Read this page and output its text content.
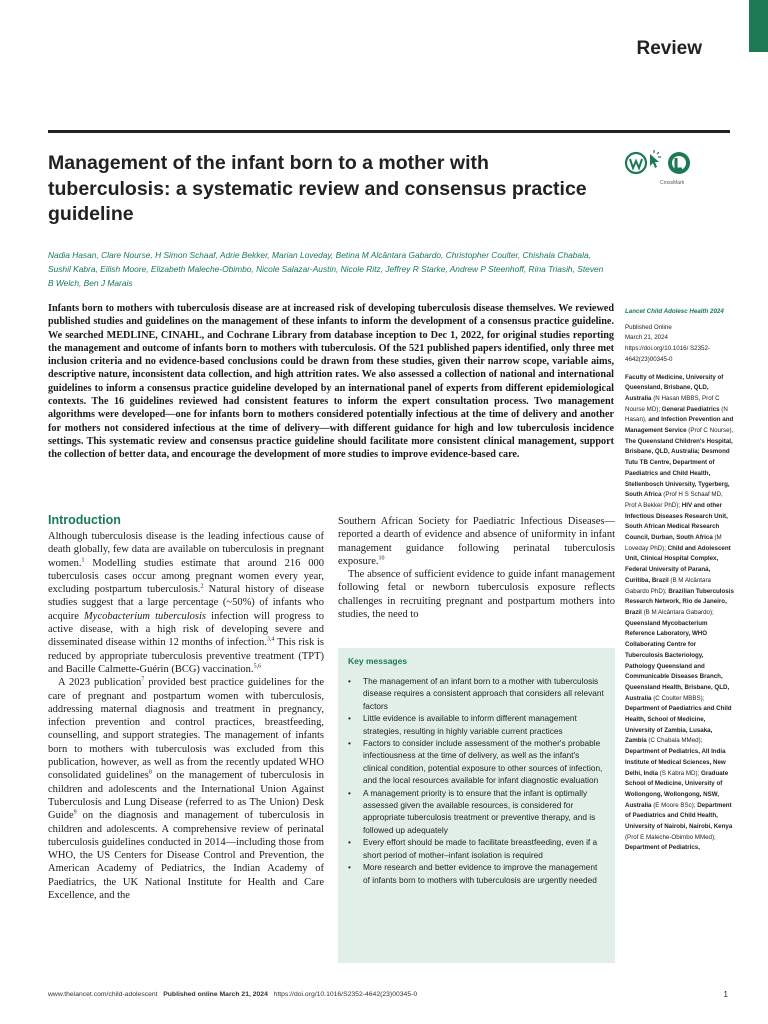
Review
Management of the infant born to a mother with tuberculosis: a systematic review and consensus practice guideline
CrossMark
Nadia Hasan, Clare Nourse, H Simon Schaaf, Adrie Bekker, Marian Loveday, Betina M Alcântara Gabardo, Christopher Coulter, Chishala Chabala, Sushil Kabra, Eilish Moore, Elizabeth Maleche-Obimbo, Nicole Salazar-Austin, Nicole Ritz, Jeffrey R Starke, Andrew P Steenhoff, Rina Triasih, Steven B Welch, Ben J Marais
Infants born to mothers with tuberculosis disease are at increased risk of developing tuberculosis disease themselves. We reviewed published studies and guidelines on the management of these infants to inform the development of a consensus practice guideline. We searched MEDLINE, CINAHL, and Cochrane Library from database inception to Dec 1, 2022, for original studies reporting the management and outcome of infants born to mothers with tuberculosis. Of the 521 published papers identified, only three met inclusion criteria and no evidence-based conclusions could be drawn from these studies, given their narrow scope, variable aims, descriptive nature, inconsistent data collection, and high attrition rates. We also assessed a collection of national and international guidelines to inform a consensus practice guideline developed by an international panel of experts from different epidemiological contexts. The 16 guidelines reviewed had consistent features to inform the expert consultation process. Two management algorithms were developed—one for infants born to mothers considered potentially infectious at the time of delivery and another for mothers not considered infectious at the time of delivery—with different guidance for high and low tuberculosis incidence settings. This systematic review and consensus practice guideline should facilitate more consistent clinical management, support the collection of better data, and encourage the development of more studies to improve evidence-based care.
Lancet Child Adolesc Health 2024
Published Online
March 21, 2024
https://doi.org/10.1016/ S2352-4642(23)00345-0
Faculty of Medicine, University of Queensland, Brisbane, QLD, Australia (N Hasan MBBS, Prof C Nourse MD); General Paediatrics (N Hasan), and Infection Prevention and Management Service (Prof C Nourse), The Queensland Children's Hospital, Brisbane, QLD, Australia; Desmond Tutu TB Centre, Department of Paediatrics and Child Health, Stellenbosch University, Tygerberg, South Africa (Prof H S Schaaf MD, Prof A Bekker PhD); HIV and other Infectious Diseases Research Unit, South African Medical Research Council, Durban, South Africa (M Loveday PhD); Child and Adolescent Unit, Clinical Hospital Complex, Federal University of Paraná, Curitiba, Brazil (B M Alcântara Gabardo PhD); Brazilian Tuberculosis Research Network, Rio de Janeiro, Brazil (B M Alcântara Gabardo); Queensland Mycobacterium Reference Laboratory, WHO Collaborating Centre for Tuberculosis Bacteriology, Pathology Queensland and Communicable Diseases Branch, Queensland Health, Brisbane, QLD, Australia (C Coulter MBBS); Department of Paediatrics and Child Health, School of Medicine, University of Zambia, Lusaka, Zambia (C Chabala MMed); Department of Pediatrics, All India Institute of Medical Sciences, New Delhi, India (S Kabra MD); Graduate School of Medicine, University of Wollongong, Wollongong, NSW, Australia (E Moore BSc); Department of Paediatrics and Child Health, University of Nairobi, Nairobi, Kenya (Prof E Maleche-Obimbo MMed); Department of Pediatrics,
Introduction

Although tuberculosis disease is the leading infectious cause of death globally, few data are available on tuberculosis in pregnant women.$^1$ Modelling studies estimate that around 216 000 tuberculosis cases occur among pregnant women every year, excluding postpartum tuberculosis.$^2$ Natural history of disease studies suggest that a large percentage (~50%) of infants who acquire Mycobacterium tuberculosis infection will progress to active disease, with a high risk of developing severe and disseminated disease within 12 months of infection.$^{3,4}$ This risk is reduced by appropriate tuberculosis preventive treatment (TPT) and Bacille Calmette-Guérin (BCG) vaccination.$^{5,6}$

A 2023 publication$^7$ provided best practice guidelines for the care of pregnant and postpartum women with tuberculosis, addressing maternal diagnosis and treatment in pregnancy, infection prevention and control practices, breastfeeding, counselling, and support strategies. The management of infants born to mothers with tuberculosis was excluded from this publication, however, as well as from the recently updated WHO consolidated guidelines$^8$ on the management of tuberculosis in children and adolescents and the International Union Against Tuberculosis and Lung Disease (referred to as The Union) Desk Guide$^9$ on the diagnosis and management of tuberculosis in children and adolescents. A comprehensive review of perinatal tuberculosis guidelines conducted in 2014—including those from WHO, the US Centers for Disease Control and Prevention, the American Academy of Pediatrics, the Indian Academy of Paediatrics, the UK National Institute for Health and Care Excellence, and the

Southern African Society for Paediatric Infectious Diseases—reported a dearth of evidence and absence of uniformity in infant management guidance following perinatal tuberculosis exposure.$^{10}$

The absence of sufficient evidence to guide infant management following fetal or newborn tuberculosis exposure reflects challenges in recruiting pregnant and postpartum mothers into studies, the need to

Key messages
• The management of an infant born to a mother with tuberculosis disease requires a consistent approach that considers all relevant factors
• Little evidence is available to inform different management strategies, resulting in highly variable current practices
• Factors to consider include assessment of the mother's probable infectiousness at the time of delivery, as well as the infant's clinical condition, potential exposure to other sources of infection, and the local resources available for infant diagnostic evaluation
• A management priority is to ensure that the infant is optimally assessed given the available resources, is considered for appropriate tuberculosis treatment or preventive therapy, and is followed up adequately
• Every effort should be made to facilitate breastfeeding, even if a short period of mother–infant isolation is required
• More research and better evidence to improve the management of infants born to mothers with tuberculosis are urgently needed
www.thelancet.com/child-adolescent Published online March 21, 2024 https://doi.org/10.1016/S2352-4642(23)00345-0	1
